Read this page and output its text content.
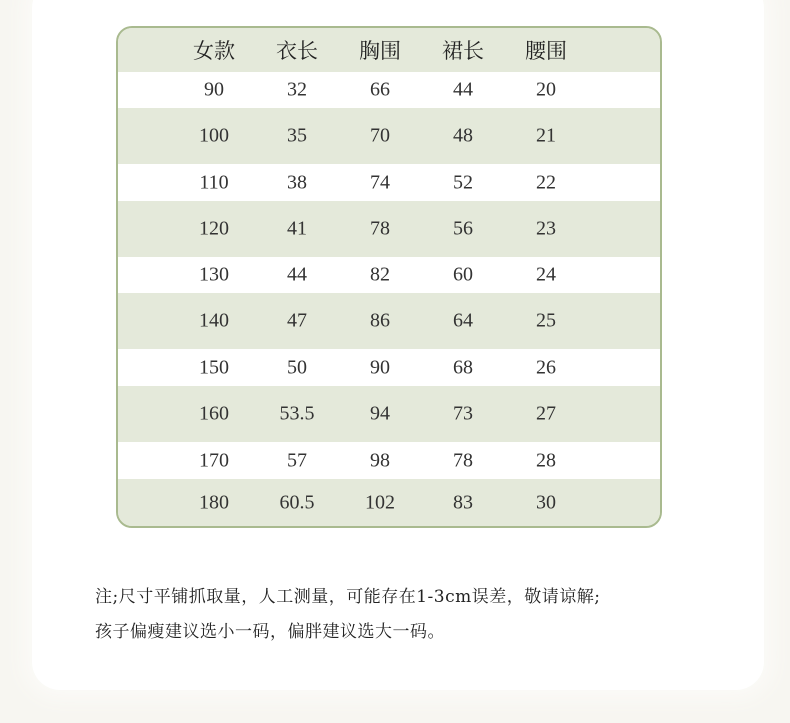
女款 衣长 胸围 裙长 腰围
90	32	66	44	20
100	35	70	48	21
110	38	74	52	22
120	41	78	56	23
130	44	82	60	24
140	47	86	64	25
150	50	90	68	26
160	53.5	94	73	27
170	57	98	78	28
180	60.5	102	83	30
注;尺寸平铺抓取量，人工测量，可能存在1-3cm误差，敬请谅解;
孩子偏瘦建议选小一码，偏胖建议选大一码。
